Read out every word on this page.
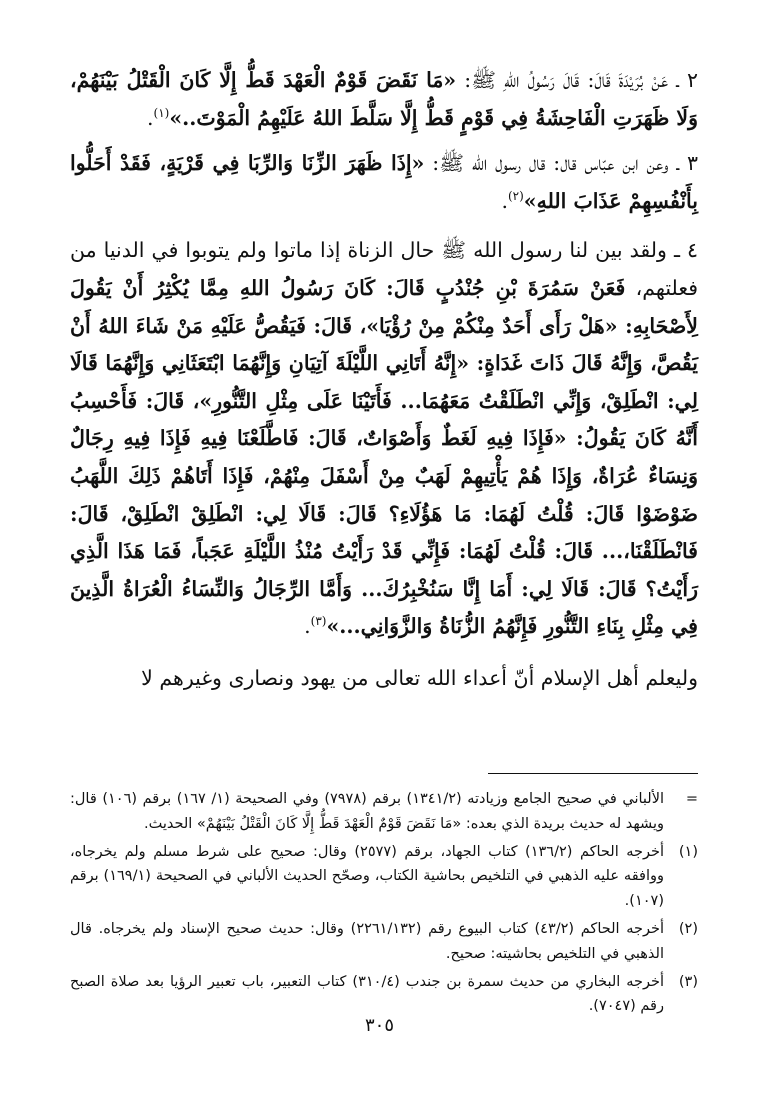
٢ ـ عَنْ بُرَيْدَةَ قَالَ: قَالَ رَسُولُ اللهِ ﷺ: «مَا نَقَضَ قَوْمٌ الْعَهْدَ قَطُّ إِلَّا كَانَ الْقَتْلُ بَيْنَهُمْ، وَلَا ظَهَرَتِ الْفَاحِشَةُ فِي قَوْمٍ قَطُّ إِلَّا سَلَّطَ اللهُ عَلَيْهِمُ الْمَوْتَ..»$^{(١)}$.

٣ ـ وعن ابن عبّاس قال: قال رسول الله ﷺ: «إِذَا ظَهَرَ الزِّنَا وَالرِّبَا فِي قَرْيَةٍ، فَقَدْ أَحَلُّوا بِأَنْفُسِهِمْ عَذَابَ اللهِ»$^{(٢)}$.

٤ ـ ولقد بين لنا رسول الله ﷺ حال الزناة إذا ماتوا ولم يتوبوا في الدنيا من فعلتهم، فَعَنْ سَمُرَةَ بْنِ جُنْدُبٍ قَالَ: كَانَ رَسُولُ اللهِ مِمَّا يُكْثِرُ أَنْ يَقُولَ لِأَصْحَابِهِ: «هَلْ رَأَى أَحَدٌ مِنْكُمْ مِنْ رُؤْيَا»، قَالَ: فَيَقُصُّ عَلَيْهِ مَنْ شَاءَ اللهُ أَنْ يَقُصَّ، وَإِنَّهُ قَالَ ذَاتَ غَدَاةٍ: «إِنَّهُ أَتَانِي اللَّيْلَةَ آتِيَانِ وَإِنَّهُمَا ابْتَعَثَانِي وَإِنَّهُمَا قَالَا لِي: انْطَلِقْ، وَإِنِّي انْطَلَقْتُ مَعَهُمَا... فَأَتَيْنَا عَلَى مِثْلِ التَّنُّورِ»، قَالَ: فَأَحْسِبُ أَنَّهُ كَانَ يَقُولُ: «فَإِذَا فِيهِ لَغَطٌ وَأَصْوَاتٌ، قَالَ: فَاطَّلَعْنَا فِيهِ فَإِذَا فِيهِ رِجَالٌ وَنِسَاءٌ عُرَاةٌ، وَإِذَا هُمْ يَأْتِيهِمْ لَهَبٌ مِنْ أَسْفَلَ مِنْهُمْ، فَإِذَا أَتَاهُمْ ذَلِكَ اللَّهَبُ ضَوْضَوْا قَالَ: قُلْتُ لَهُمَا: مَا هَؤُلَاءِ؟ قَالَ: قَالَا لِي: انْطَلِقْ انْطَلِقْ، قَالَ: فَانْطَلَقْنَا،... قَالَ: قُلْتُ لَهُمَا: فَإِنِّي قَدْ رَأَيْتُ مُنْذُ اللَّيْلَةِ عَجَباً، فَمَا هَذَا الَّذِي رَأَيْتُ؟ قَالَ: قَالَا لِي: أَمَا إِنَّا سَنُخْبِرُكَ... وَأَمَّا الرِّجَالُ وَالنِّسَاءُ الْعُرَاةُ الَّذِينَ فِي مِثْلِ بِنَاءِ التَّنُّورِ فَإِنَّهُمُ الزُّنَاةُ وَالزَّوَانِي...»$^{(٣)}$.

وليعلم أهل الإسلام أنّ أعداء الله تعالى من يهود ونصارى وغيرهم لا

=
الألباني في صحيح الجامع وزيادته (١٣٤١/٢) برقم (٧٩٧٨) وفي الصحيحة (١/ ١٦٧) برقم (١٠٦) قال: ويشهد له حديث بريدة الذي بعده: «مَا نَقَضَ قَوْمٌ الْعَهْدَ قَطُّ إِلَّا كَانَ الْقَتْلُ بَيْنَهُمْ» الحديث.
(١)
أخرجه الحاكم (١٣٦/٢) كتاب الجهاد، برقم (٢٥٧٧) وقال: صحيح على شرط مسلم ولم يخرجاه، ووافقه عليه الذهبي في التلخيص بحاشية الكتاب، وصحّح الحديث الألباني في الصحيحة (١٦٩/١) برقم (١٠٧).
(٢)
أخرجه الحاكم (٤٣/٢) كتاب البيوع رقم (٢٢٦١/١٣٢) وقال: حديث صحيح الإسناد ولم يخرجاه. قال الذهبي في التلخيص بحاشيته: صحيح.
(٣)
أخرجه البخاري من حديث سمرة بن جندب (٣١٠/٤) كتاب التعبير، باب تعبير الرؤيا بعد صلاة الصبح رقم (٧٠٤٧).
٣٠٥
